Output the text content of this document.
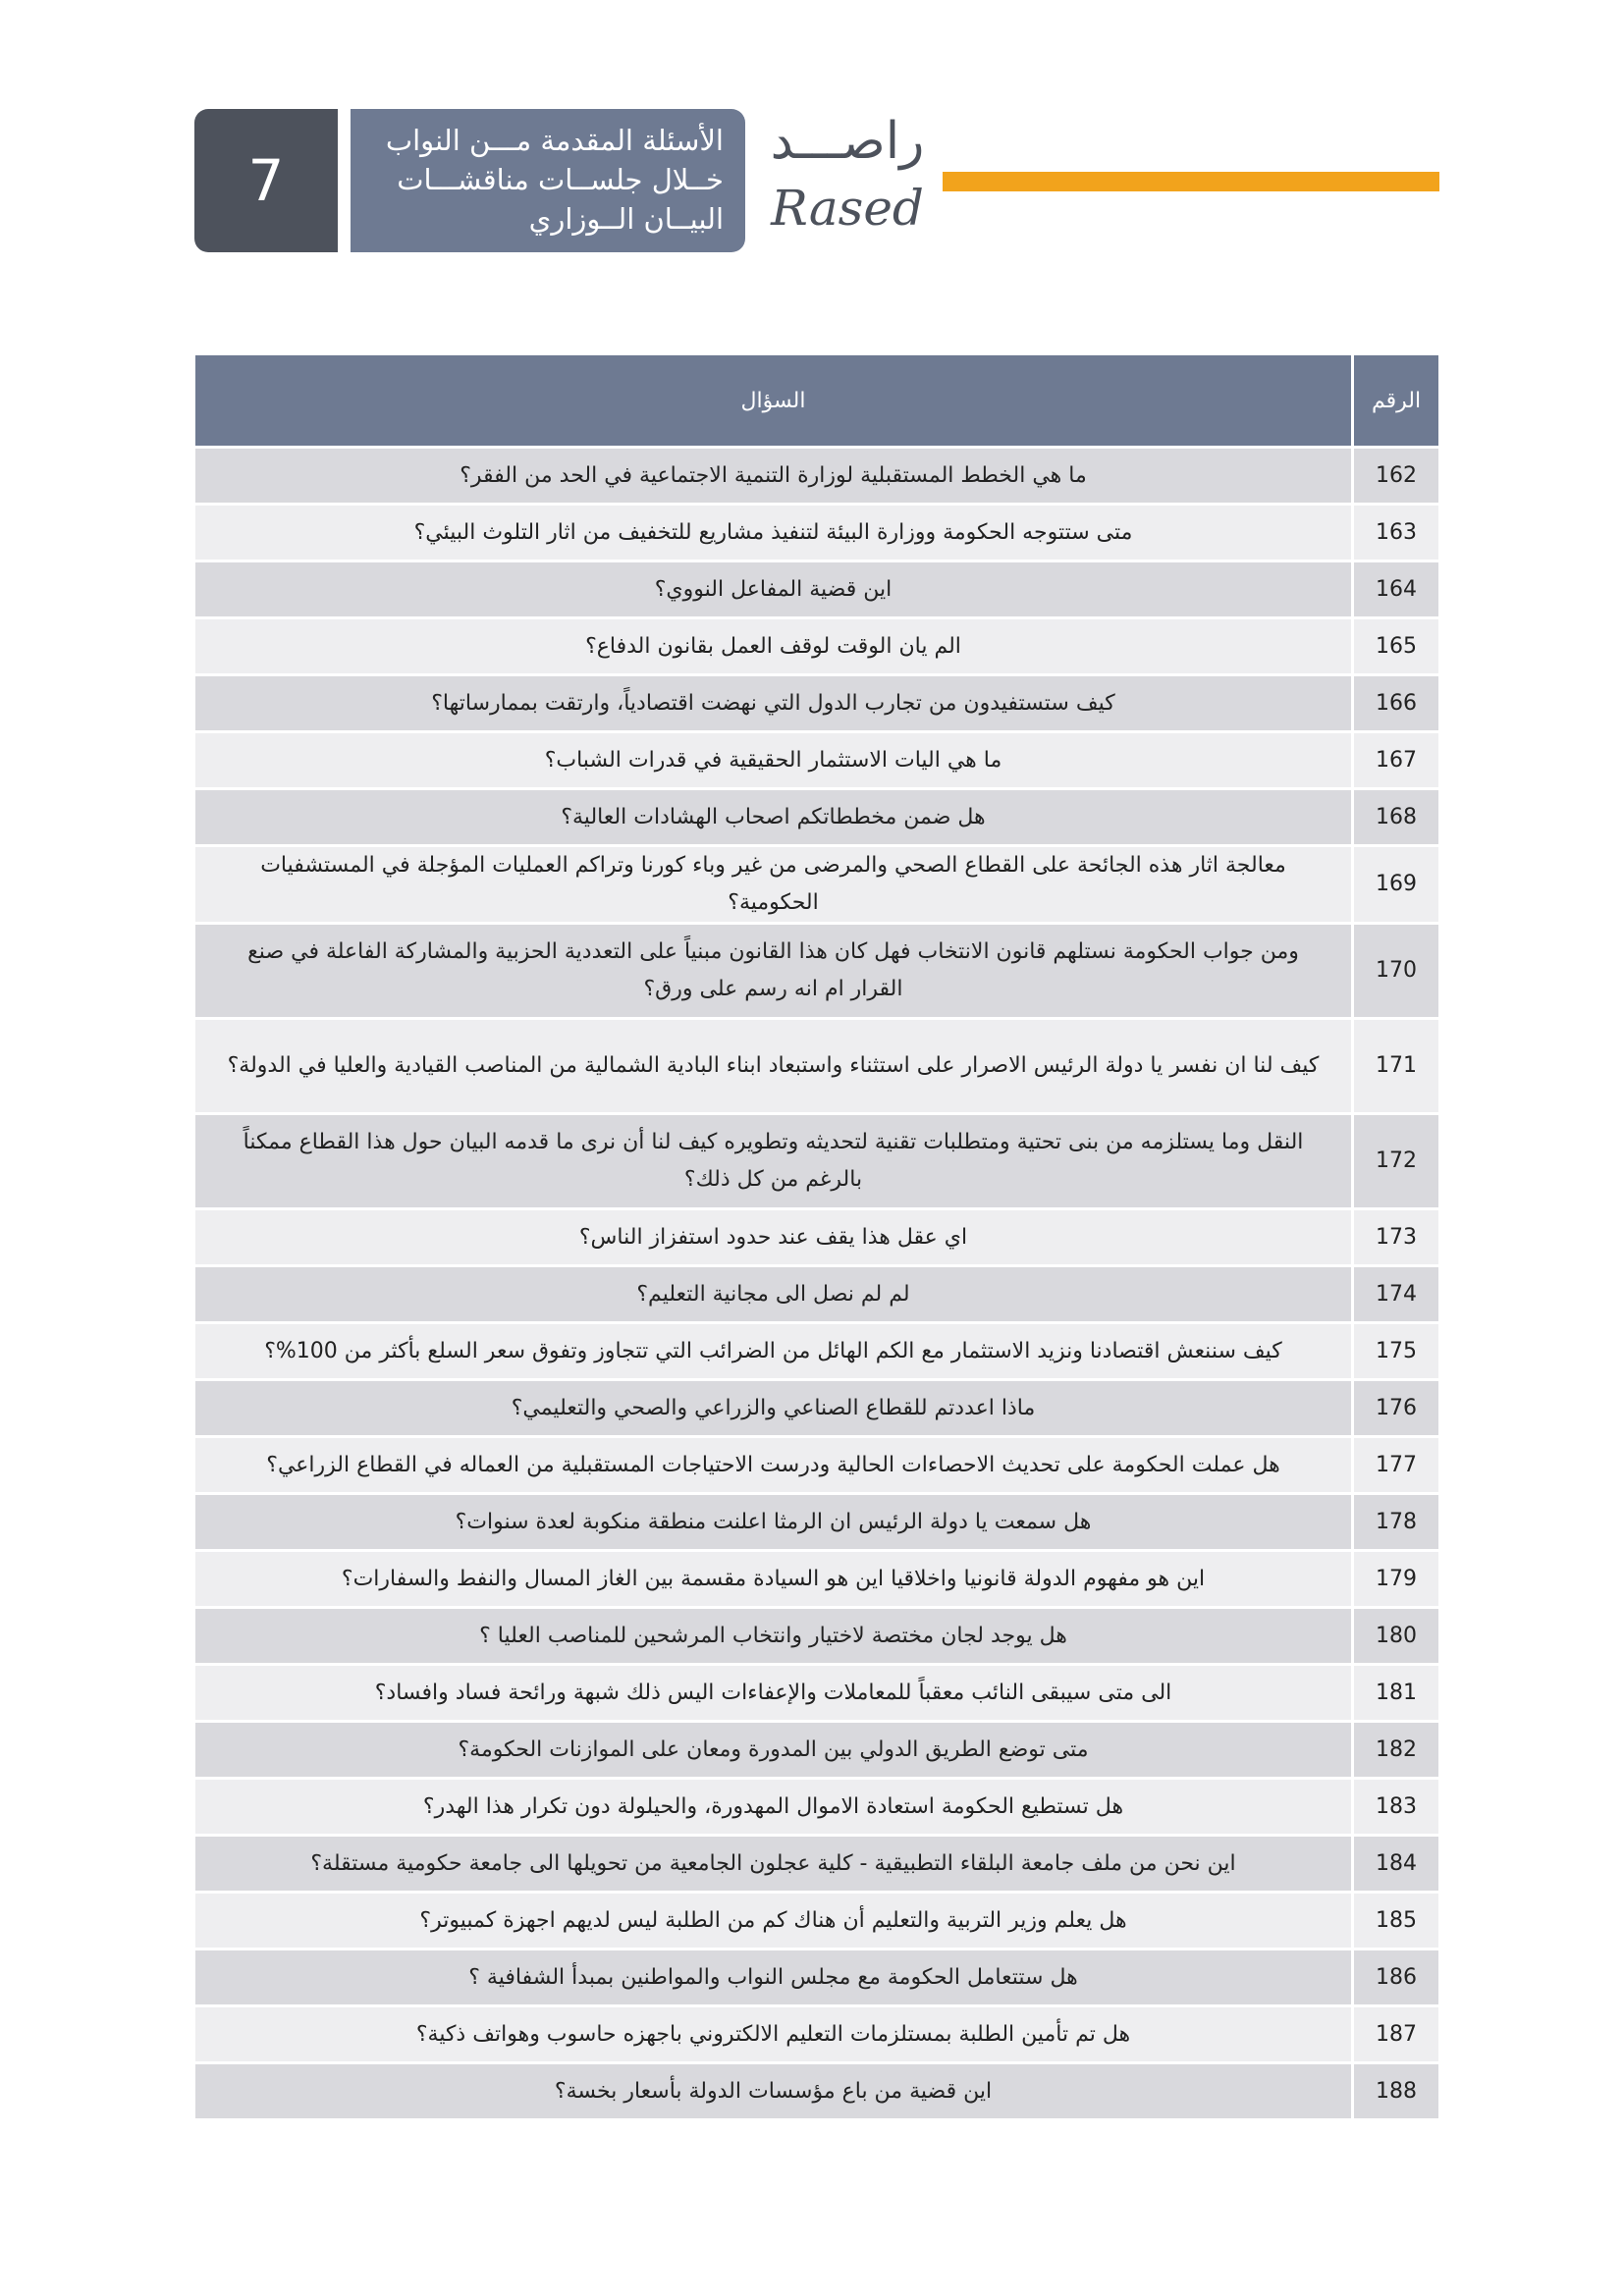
7
الأسئلة المقدمة مـــن النواب
خــلال جلســات مناقشـــات
البيــان الــوزاري
راصـــد
Rased
الرقم	السؤال
162	ما هي الخطط المستقبلية لوزارة التنمية الاجتماعية في الحد من الفقر؟
163	متى ستتوجه الحكومة ووزارة البيئة لتنفيذ مشاريع للتخفيف من اثار التلوث البيئي؟
164	اين قضية المفاعل النووي؟
165	الم يان الوقت لوقف العمل بقانون الدفاع؟
166	كيف ستستفيدون من تجارب الدول التي نهضت اقتصادياً، وارتقت بممارساتها؟
167	ما هي اليات الاستثمار الحقيقية في قدرات الشباب؟
168	هل ضمن مخططاتكم اصحاب الهشادات العالية؟
169	معالجة اثار هذه الجائحة على القطاع الصحي والمرضى من غير وباء كورنا وتراكم العمليات المؤجلة في المستشفيات الحكومية؟
170	ومن جواب الحكومة نستلهم قانون الانتخاب فهل كان هذا القانون مبنياً على التعددية الحزبية والمشاركة الفاعلة في صنع القرار ام انه رسم على ورق؟
171	كيف لنا ان نفسر يا دولة الرئيس الاصرار على استثناء واستبعاد ابناء البادية الشمالية من المناصب القيادية والعليا في الدولة؟
172	النقل وما يستلزمه من بنى تحتية ومتطلبات تقنية لتحديثه وتطويره كيف لنا أن نرى ما قدمه البيان حول هذا القطاع ممكناً بالرغم من كل ذلك؟
173	اي عقل هذا يقف عند حدود استفزاز الناس؟
174	لم لم نصل الى مجانية التعليم؟
175	كيف سننعش اقتصادنا ونزيد الاستثمار مع الكم الهائل من الضرائب التي تتجاوز وتفوق سعر السلع بأكثر من 100%؟
176	ماذا اعددتم للقطاع الصناعي والزراعي والصحي والتعليمي؟
177	هل عملت الحكومة على تحديث الاحصاءات الحالية ودرست الاحتياجات المستقبلية من العماله في القطاع الزراعي؟
178	هل سمعت يا دولة الرئيس ان الرمثا اعلنت منطقة منكوبة لعدة سنوات؟
179	اين هو مفهوم الدولة قانونيا واخلاقيا اين هو السيادة مقسمة بين الغاز المسال والنفط والسفارات؟
180	هل يوجد لجان مختصة لاختيار وانتخاب المرشحين للمناصب العليا ؟
181	الى متى سيبقى النائب معقباً للمعاملات والإعفاءات اليس ذلك شبهة ورائحة فساد وافساد؟
182	متى توضع الطريق الدولي بين المدورة ومعان على الموازنات الحكومة؟
183	هل تستطيع الحكومة استعادة الاموال المهدورة، والحيلولة دون تكرار هذا الهدر؟
184	اين نحن من ملف جامعة البلقاء التطبيقية - كلية عجلون الجامعية من تحويلها الى جامعة حكومية مستقلة؟
185	هل يعلم وزير التربية والتعليم أن هناك كم من الطلبة ليس لديهم اجهزة كمبيوتر؟
186	هل ستتعامل الحكومة مع مجلس النواب والمواطنين بمبدأ الشفافية ؟
187	هل تم تأمين الطلبة بمستلزمات التعليم الالكتروني باجهزه حاسوب وهواتف ذكية؟
188	اين قضية من باع مؤسسات الدولة بأسعار بخسة؟
